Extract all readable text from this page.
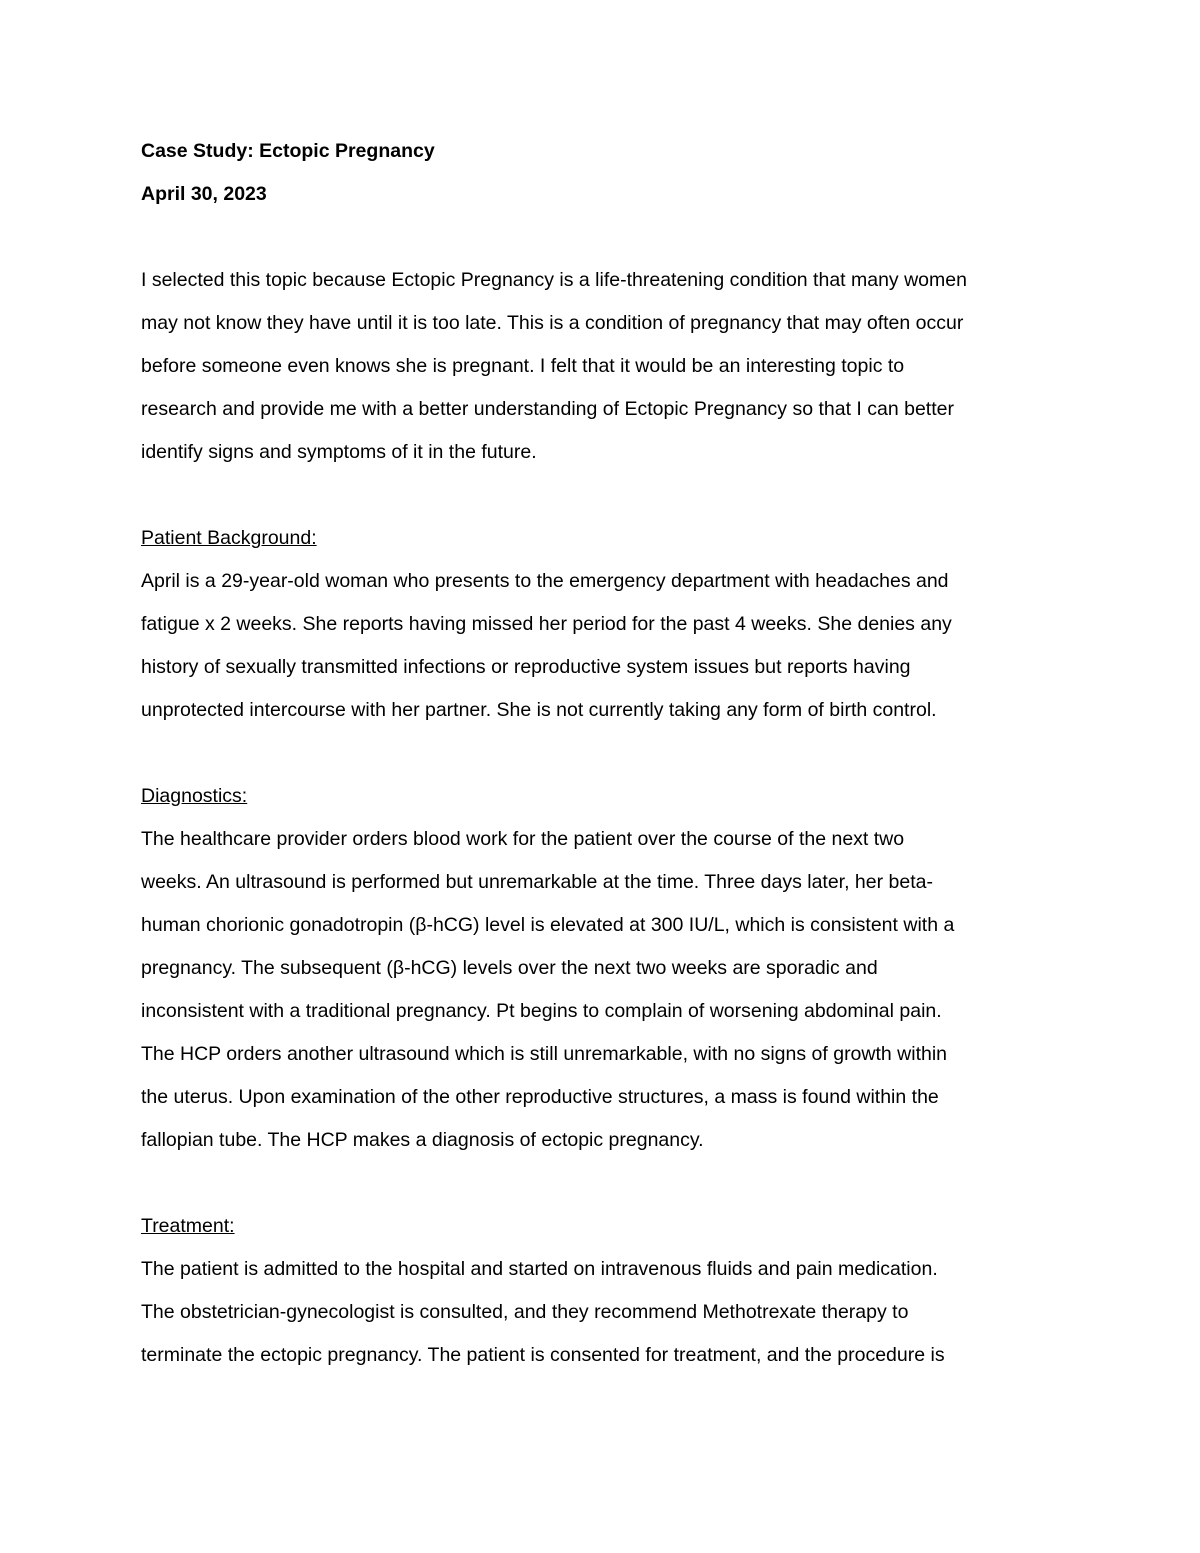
Case Study: Ectopic Pregnancy

April 30, 2023

I selected this topic because Ectopic Pregnancy is a life-threatening condition that many women
may not know they have until it is too late. This is a condition of pregnancy that may often occur
before someone even knows she is pregnant. I felt that it would be an interesting topic to
research and provide me with a better understanding of Ectopic Pregnancy so that I can better
identify signs and symptoms of it in the future.

Patient Background:

April is a 29-year-old woman who presents to the emergency department with headaches and
fatigue x 2 weeks. She reports having missed her period for the past 4 weeks. She denies any
history of sexually transmitted infections or reproductive system issues but reports having
unprotected intercourse with her partner. She is not currently taking any form of birth control.

Diagnostics:

The healthcare provider orders blood work for the patient over the course of the next two
weeks. An ultrasound is performed but unremarkable at the time. Three days later, her beta-
human chorionic gonadotropin (β-hCG) level is elevated at 300 IU/L, which is consistent with a
pregnancy. The subsequent (β-hCG) levels over the next two weeks are sporadic and
inconsistent with a traditional pregnancy. Pt begins to complain of worsening abdominal pain.
The HCP orders another ultrasound which is still unremarkable, with no signs of growth within
the uterus. Upon examination of the other reproductive structures, a mass is found within the
fallopian tube. The HCP makes a diagnosis of ectopic pregnancy.

Treatment:

The patient is admitted to the hospital and started on intravenous fluids and pain medication.
The obstetrician-gynecologist is consulted, and they recommend Methotrexate therapy to
terminate the ectopic pregnancy. The patient is consented for treatment, and the procedure is
